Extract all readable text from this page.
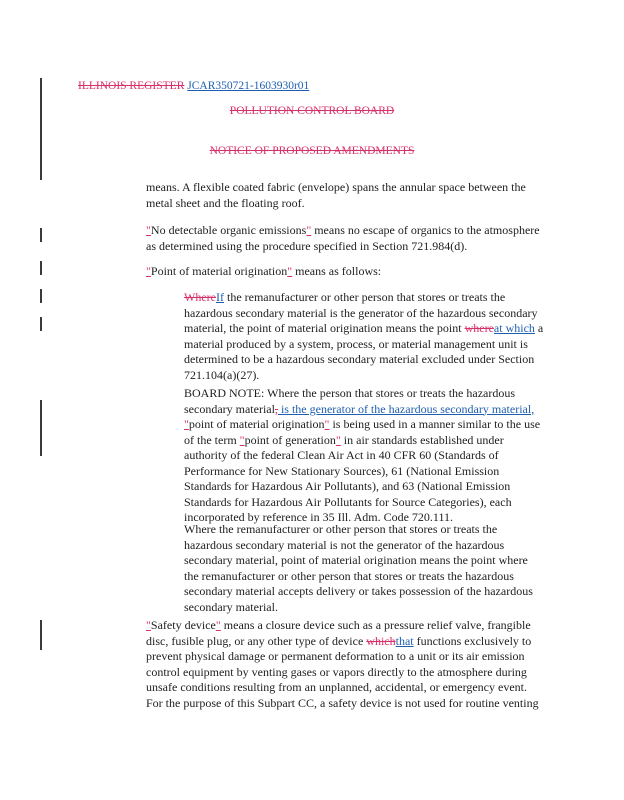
ILLINOIS REGISTER JCAR350721-1603930r01
POLLUTION CONTROL BOARD
NOTICE OF PROPOSED AMENDMENTS
means. A flexible coated fabric (envelope) spans the annular space between the metal sheet and the floating roof.
"No detectable organic emissions" means no escape of organics to the atmosphere as determined using the procedure specified in Section 721.984(d).
"Point of material origination" means as follows:
WhereIf the remanufacturer or other person that stores or treats the hazardous secondary material is the generator of the hazardous secondary material, the point of material origination means the point whereat which a material produced by a system, process, or material management unit is determined to be a hazardous secondary material excluded under Section 721.104(a)(27).
BOARD NOTE: Where the person that stores or treats the hazardous secondary material, is the generator of the hazardous secondary material, "point of material origination" is being used in a manner similar to the use of the term "point of generation" in air standards established under authority of the federal Clean Air Act in 40 CFR 60 (Standards of Performance for New Stationary Sources), 61 (National Emission Standards for Hazardous Air Pollutants), and 63 (National Emission Standards for Hazardous Air Pollutants for Source Categories), each incorporated by reference in 35 Ill. Adm. Code 720.111.
Where the remanufacturer or other person that stores or treats the hazardous secondary material is not the generator of the hazardous secondary material, point of material origination means the point where the remanufacturer or other person that stores or treats the hazardous secondary material accepts delivery or takes possession of the hazardous secondary material.
"Safety device" means a closure device such as a pressure relief valve, frangible disc, fusible plug, or any other type of device whichthat functions exclusively to prevent physical damage or permanent deformation to a unit or its air emission control equipment by venting gases or vapors directly to the atmosphere during unsafe conditions resulting from an unplanned, accidental, or emergency event. For the purpose of this Subpart CC, a safety device is not used for routine venting
